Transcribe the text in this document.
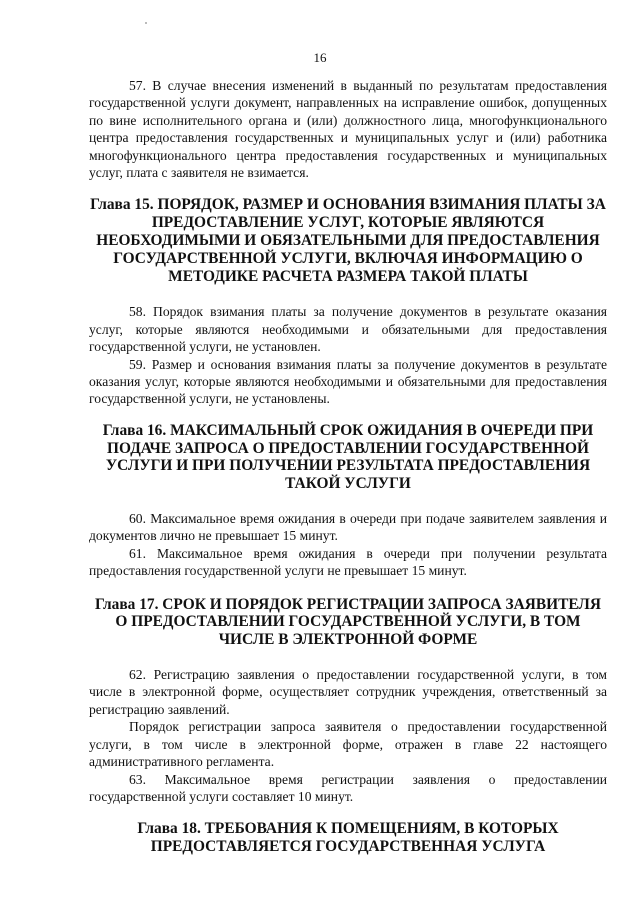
16

57. В случае внесения изменений в выданный по результатам предоставления государственной услуги документ, направленных на исправление ошибок, допущенных по вине исполнительного органа и (или) должностного лица, многофункционального центра предоставления государственных и муниципальных услуг и (или) работника многофункционального центра предоставления государственных и муниципальных услуг, плата с заявителя не взимается.

Глава 15. ПОРЯДОК, РАЗМЕР И ОСНОВАНИЯ ВЗИМАНИЯ ПЛАТЫ ЗА ПРЕДОСТАВЛЕНИЕ УСЛУГ, КОТОРЫЕ ЯВЛЯЮТСЯ НЕОБХОДИМЫМИ И ОБЯЗАТЕЛЬНЫМИ ДЛЯ ПРЕДОСТАВЛЕНИЯ ГОСУДАРСТВЕННОЙ УСЛУГИ, ВКЛЮЧАЯ ИНФОРМАЦИЮ О МЕТОДИКЕ РАСЧЕТА РАЗМЕРА ТАКОЙ ПЛАТЫ

58. Порядок взимания платы за получение документов в результате оказания услуг, которые являются необходимыми и обязательными для предоставления государственной услуги, не установлен.

59. Размер и основания взимания платы за получение документов в результате оказания услуг, которые являются необходимыми и обязательными для предоставления государственной услуги, не установлены.

Глава 16. МАКСИМАЛЬНЫЙ СРОК ОЖИДАНИЯ В ОЧЕРЕДИ ПРИ ПОДАЧЕ ЗАПРОСА О ПРЕДОСТАВЛЕНИИ ГОСУДАРСТВЕННОЙ УСЛУГИ И ПРИ ПОЛУЧЕНИИ РЕЗУЛЬТАТА ПРЕДОСТАВЛЕНИЯ ТАКОЙ УСЛУГИ

60. Максимальное время ожидания в очереди при подаче заявителем заявления и документов лично не превышает 15 минут.

61. Максимальное время ожидания в очереди при получении результата предоставления государственной услуги не превышает 15 минут.

Глава 17. СРОК И ПОРЯДОК РЕГИСТРАЦИИ ЗАПРОСА ЗАЯВИТЕЛЯ О ПРЕДОСТАВЛЕНИИ ГОСУДАРСТВЕННОЙ УСЛУГИ, В ТОМ ЧИСЛЕ В ЭЛЕКТРОННОЙ ФОРМЕ

62. Регистрацию заявления о предоставлении государственной услуги, в том числе в электронной форме, осуществляет сотрудник учреждения, ответственный за регистрацию заявлений.

Порядок регистрации запроса заявителя о предоставлении государственной услуги, в том числе в электронной форме, отражен в главе 22 настоящего административного регламента.

63. Максимальное время регистрации заявления о предоставлении государственной услуги составляет 10 минут.

Глава 18. ТРЕБОВАНИЯ К ПОМЕЩЕНИЯМ, В КОТОРЫХ ПРЕДОСТАВЛЯЕТСЯ ГОСУДАРСТВЕННАЯ УСЛУГА
